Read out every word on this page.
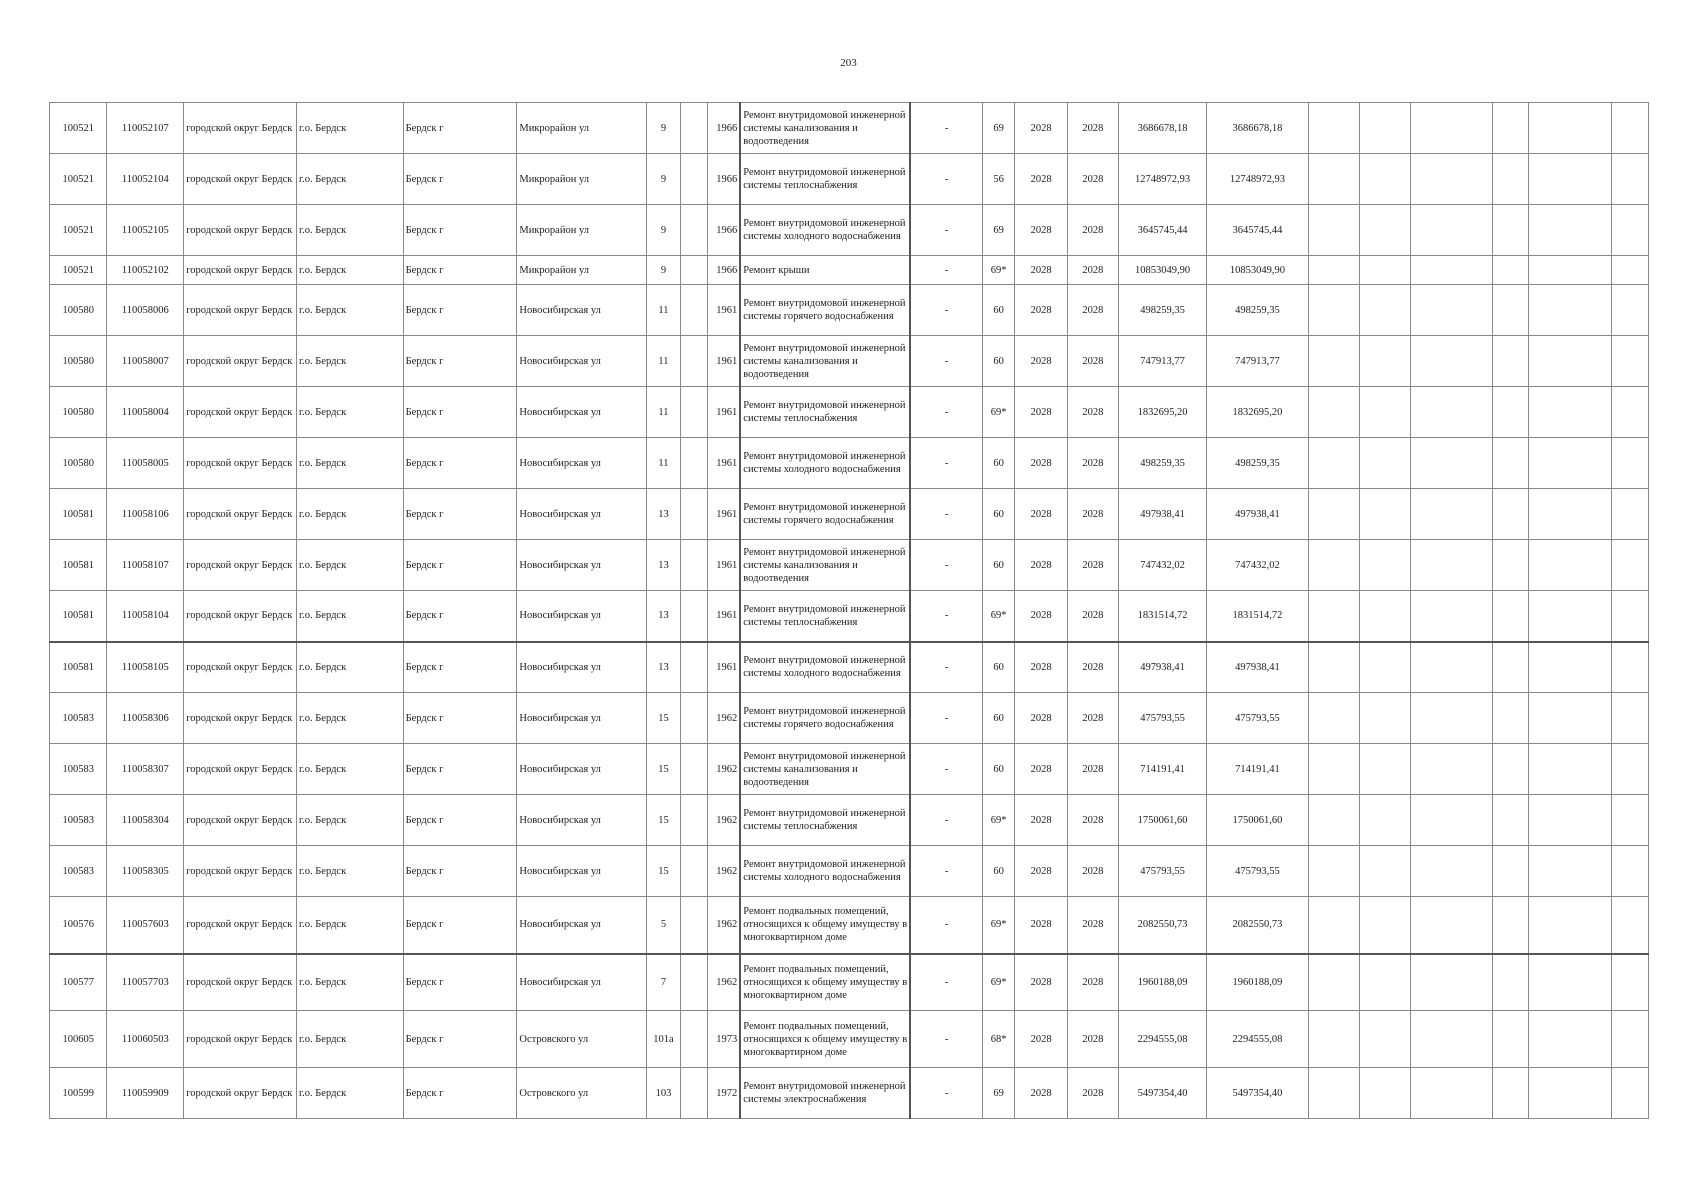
203
100521	110052107	городской округ Бердск	г.о. Бердск	Бердск г	Микрорайон ул	9		1966	Ремонт внутридомовой инженерной системы канализования и водоотведения	-	69	2028	2028	3686678,18	3686678,18						
100521	110052104	городской округ Бердск	г.о. Бердск	Бердск г	Микрорайон ул	9		1966	Ремонт внутридомовой инженерной системы теплоснабжения	-	56	2028	2028	12748972,93	12748972,93						
100521	110052105	городской округ Бердск	г.о. Бердск	Бердск г	Микрорайон ул	9		1966	Ремонт внутридомовой инженерной системы холодного водоснабжения	-	69	2028	2028	3645745,44	3645745,44						
100521	110052102	городской округ Бердск	г.о. Бердск	Бердск г	Микрорайон ул	9		1966	Ремонт крыши	-	69*	2028	2028	10853049,90	10853049,90						
100580	110058006	городской округ Бердск	г.о. Бердск	Бердск г	Новосибирская ул	11		1961	Ремонт внутридомовой инженерной системы горячего водоснабжения	-	60	2028	2028	498259,35	498259,35						
100580	110058007	городской округ Бердск	г.о. Бердск	Бердск г	Новосибирская ул	11		1961	Ремонт внутридомовой инженерной системы канализования и водоотведения	-	60	2028	2028	747913,77	747913,77						
100580	110058004	городской округ Бердск	г.о. Бердск	Бердск г	Новосибирская ул	11		1961	Ремонт внутридомовой инженерной системы теплоснабжения	-	69*	2028	2028	1832695,20	1832695,20						
100580	110058005	городской округ Бердск	г.о. Бердск	Бердск г	Новосибирская ул	11		1961	Ремонт внутридомовой инженерной системы холодного водоснабжения	-	60	2028	2028	498259,35	498259,35						
100581	110058106	городской округ Бердск	г.о. Бердск	Бердск г	Новосибирская ул	13		1961	Ремонт внутридомовой инженерной системы горячего водоснабжения	-	60	2028	2028	497938,41	497938,41						
100581	110058107	городской округ Бердск	г.о. Бердск	Бердск г	Новосибирская ул	13		1961	Ремонт внутридомовой инженерной системы канализования и водоотведения	-	60	2028	2028	747432,02	747432,02						
100581	110058104	городской округ Бердск	г.о. Бердск	Бердск г	Новосибирская ул	13		1961	Ремонт внутридомовой инженерной системы теплоснабжения	-	69*	2028	2028	1831514,72	1831514,72						
100581	110058105	городской округ Бердск	г.о. Бердск	Бердск г	Новосибирская ул	13		1961	Ремонт внутридомовой инженерной системы холодного водоснабжения	-	60	2028	2028	497938,41	497938,41						
100583	110058306	городской округ Бердск	г.о. Бердск	Бердск г	Новосибирская ул	15		1962	Ремонт внутридомовой инженерной системы горячего водоснабжения	-	60	2028	2028	475793,55	475793,55						
100583	110058307	городской округ Бердск	г.о. Бердск	Бердск г	Новосибирская ул	15		1962	Ремонт внутридомовой инженерной системы канализования и водоотведения	-	60	2028	2028	714191,41	714191,41						
100583	110058304	городской округ Бердск	г.о. Бердск	Бердск г	Новосибирская ул	15		1962	Ремонт внутридомовой инженерной системы теплоснабжения	-	69*	2028	2028	1750061,60	1750061,60						
100583	110058305	городской округ Бердск	г.о. Бердск	Бердск г	Новосибирская ул	15		1962	Ремонт внутридомовой инженерной системы холодного водоснабжения	-	60	2028	2028	475793,55	475793,55						
100576	110057603	городской округ Бердск	г.о. Бердск	Бердск г	Новосибирская ул	5		1962	Ремонт подвальных помещений, относящихся к общему имуществу в многоквартирном доме	-	69*	2028	2028	2082550,73	2082550,73						
100577	110057703	городской округ Бердск	г.о. Бердск	Бердск г	Новосибирская ул	7		1962	Ремонт подвальных помещений, относящихся к общему имуществу в многоквартирном доме	-	69*	2028	2028	1960188,09	1960188,09						
100605	110060503	городской округ Бердск	г.о. Бердск	Бердск г	Островского ул	101а		1973	Ремонт подвальных помещений, относящихся к общему имуществу в многоквартирном доме	-	68*	2028	2028	2294555,08	2294555,08						
100599	110059909	городской округ Бердск	г.о. Бердск	Бердск г	Островского ул	103		1972	Ремонт внутридомовой инженерной системы электроснабжения	-	69	2028	2028	5497354,40	5497354,40						
